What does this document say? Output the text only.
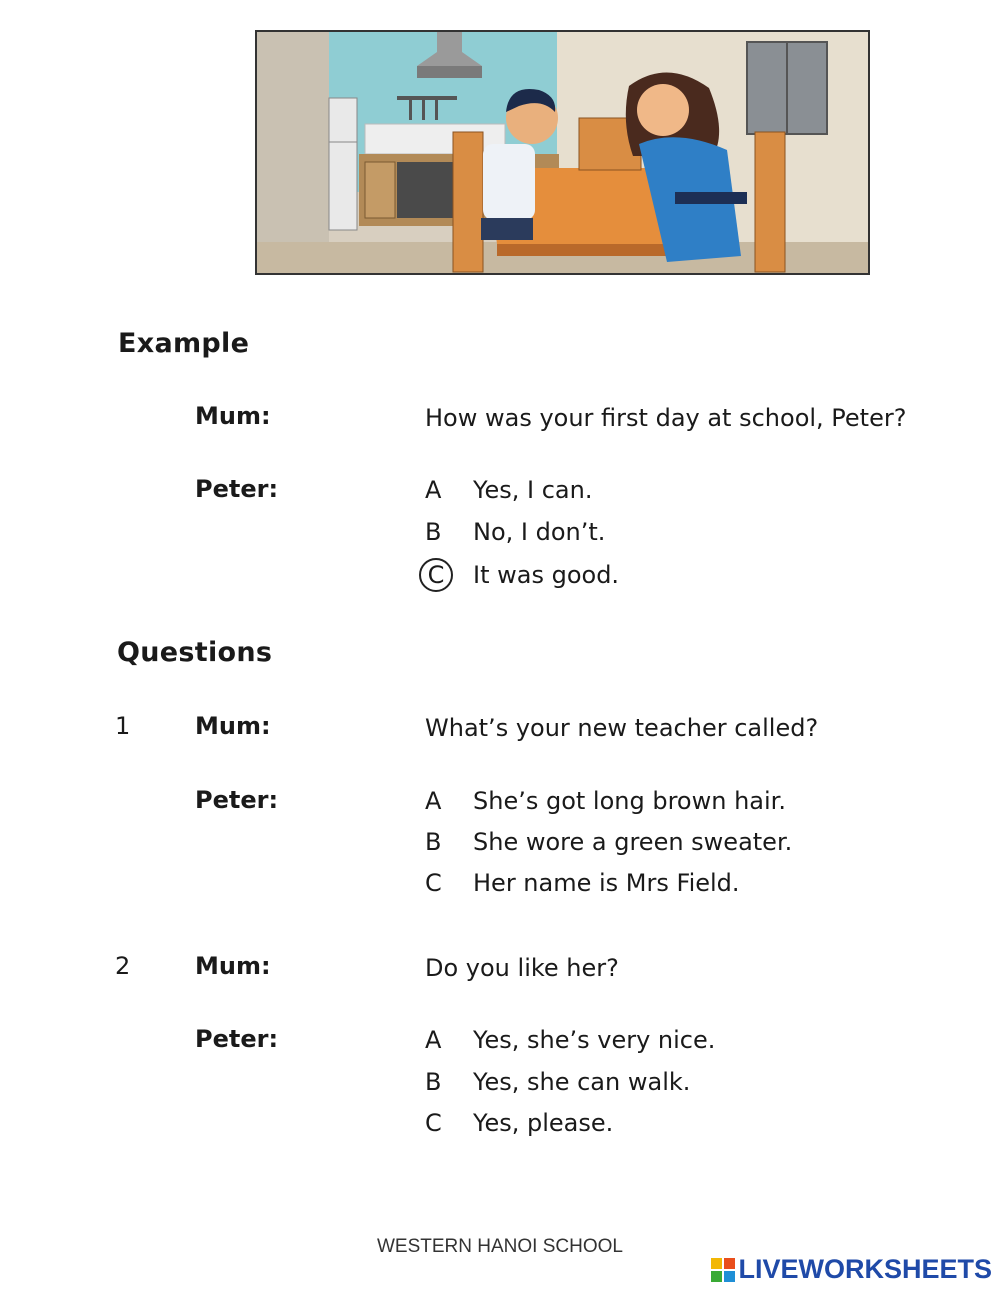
Example
Mum:	How was your first day at school, Peter?
Peter:	A	Yes, I can.
B	No, I don’t.
C	It was good.
Questions
1	Mum:	What’s your new teacher called?
Peter:	A	She’s got long brown hair.
B	She wore a green sweater.
C	Her name is Mrs Field.
2	Mum:	Do you like her?
Peter:	A	Yes, she’s very nice.
B	Yes, she can walk.
C	Yes, please.
WESTERN HANOI SCHOOL
LIVEWORKSHEETS
